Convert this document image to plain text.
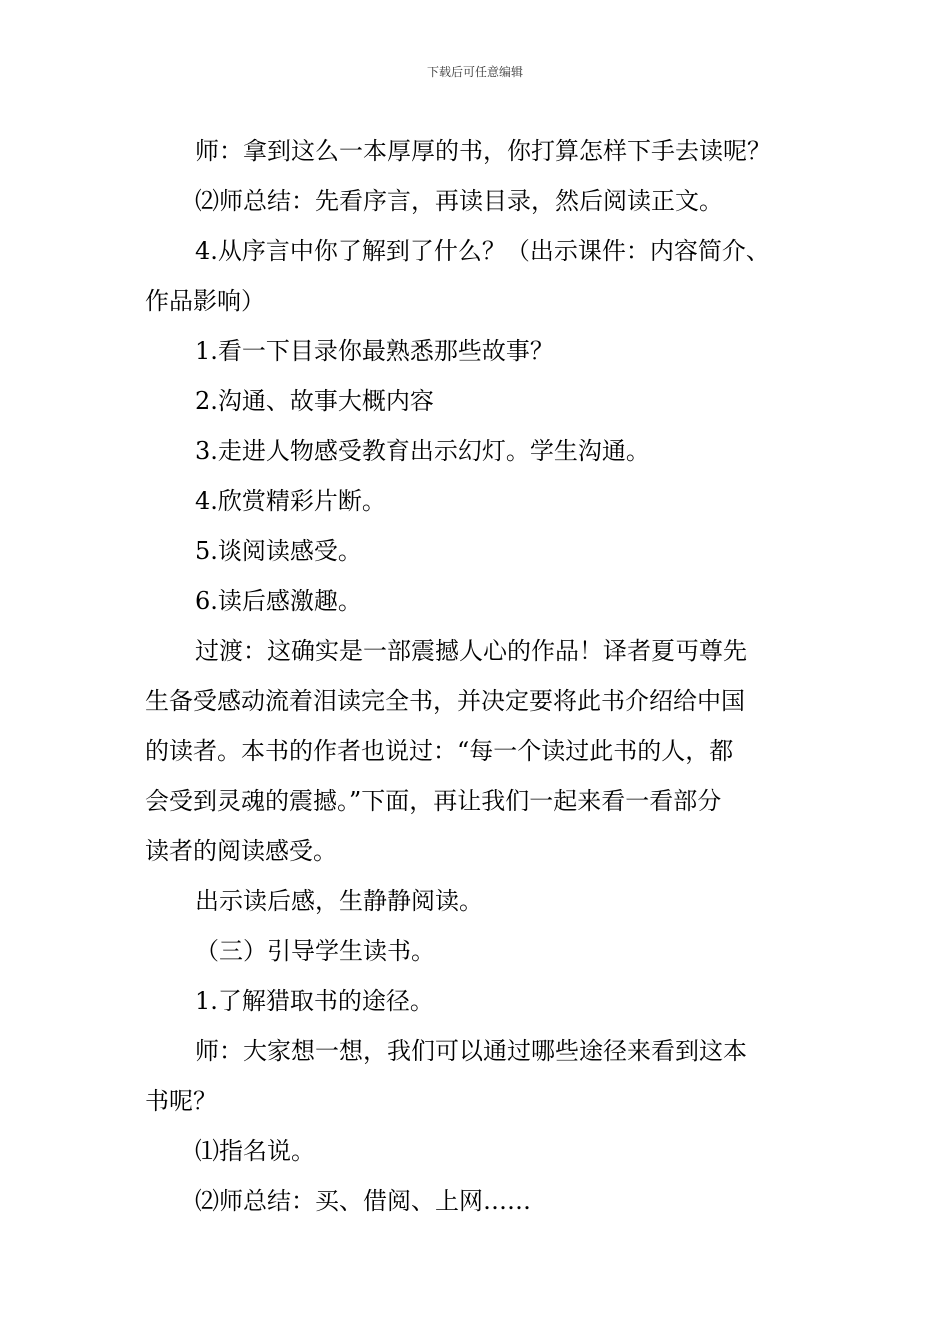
下载后可任意编辑

师：拿到这么一本厚厚的书，你打算怎样下手去读呢？

⑵师总结：先看序言，再读目录，然后阅读正文。

4.从序言中你了解到了什么？（出示课件：内容简介、
作品影响）

1.看一下目录你最熟悉那些故事？

2.沟通、故事大概内容

3.走进人物感受教育出示幻灯。学生沟通。

4.欣赏精彩片断。

5.谈阅读感受。

6.读后感激趣。

过渡：这确实是一部震撼人心的作品！译者夏丏尊先
生备受感动流着泪读完全书，并决定要将此书介绍给中国
的读者。本书的作者也说过：“每一个读过此书的人，都
会受到灵魂的震撼。”下面，再让我们一起来看一看部分
读者的阅读感受。

出示读后感，生静静阅读。

（三）引导学生读书。

1.了解猎取书的途径。

师：大家想一想，我们可以通过哪些途径来看到这本
书呢？

⑴指名说。

⑵师总结：买、借阅、上网……
